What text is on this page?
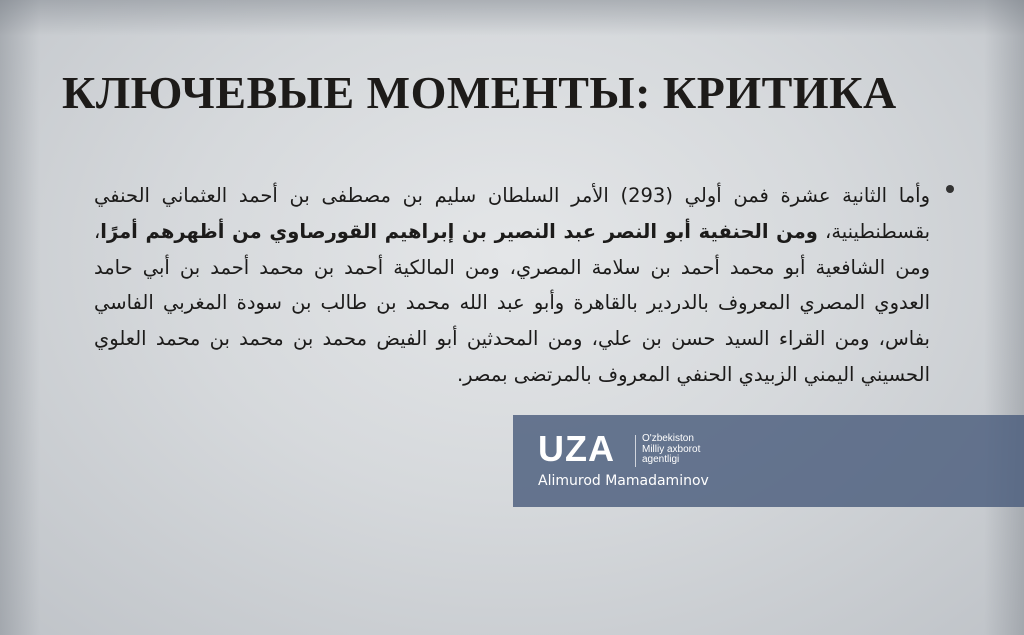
КЛЮЧЕВЫЕ МОМЕНТЫ: КРИТИКА
وأما الثانية عشرة فمن أولي (293) الأمر السلطان سليم بن مصطفى بن أحمد العثماني الحنفي بقسطنطينية، ومن الحنفية أبو النصر عبد النصير بن إبراهيم القورصاوي من أظهرهم أمرًا، ومن الشافعية أبو محمد أحمد بن سلامة المصري، ومن المالكية أحمد بن محمد أحمد بن أبي حامد العدوي المصري المعروف بالدردير بالقاهرة وأبو عبد الله محمد بن طالب بن سودة المغربي الفاسي بفاس، ومن القراء السيد حسن بن علي، ومن المحدثين أبو الفيض محمد بن محمد بن محمد العلوي الحسيني اليمني الزبيدي الحنفي المعروف بالمرتضى بمصر.
UZA	O'zbekiston
Milliy axborot
agentligi
Alimurod Mamadaminov
